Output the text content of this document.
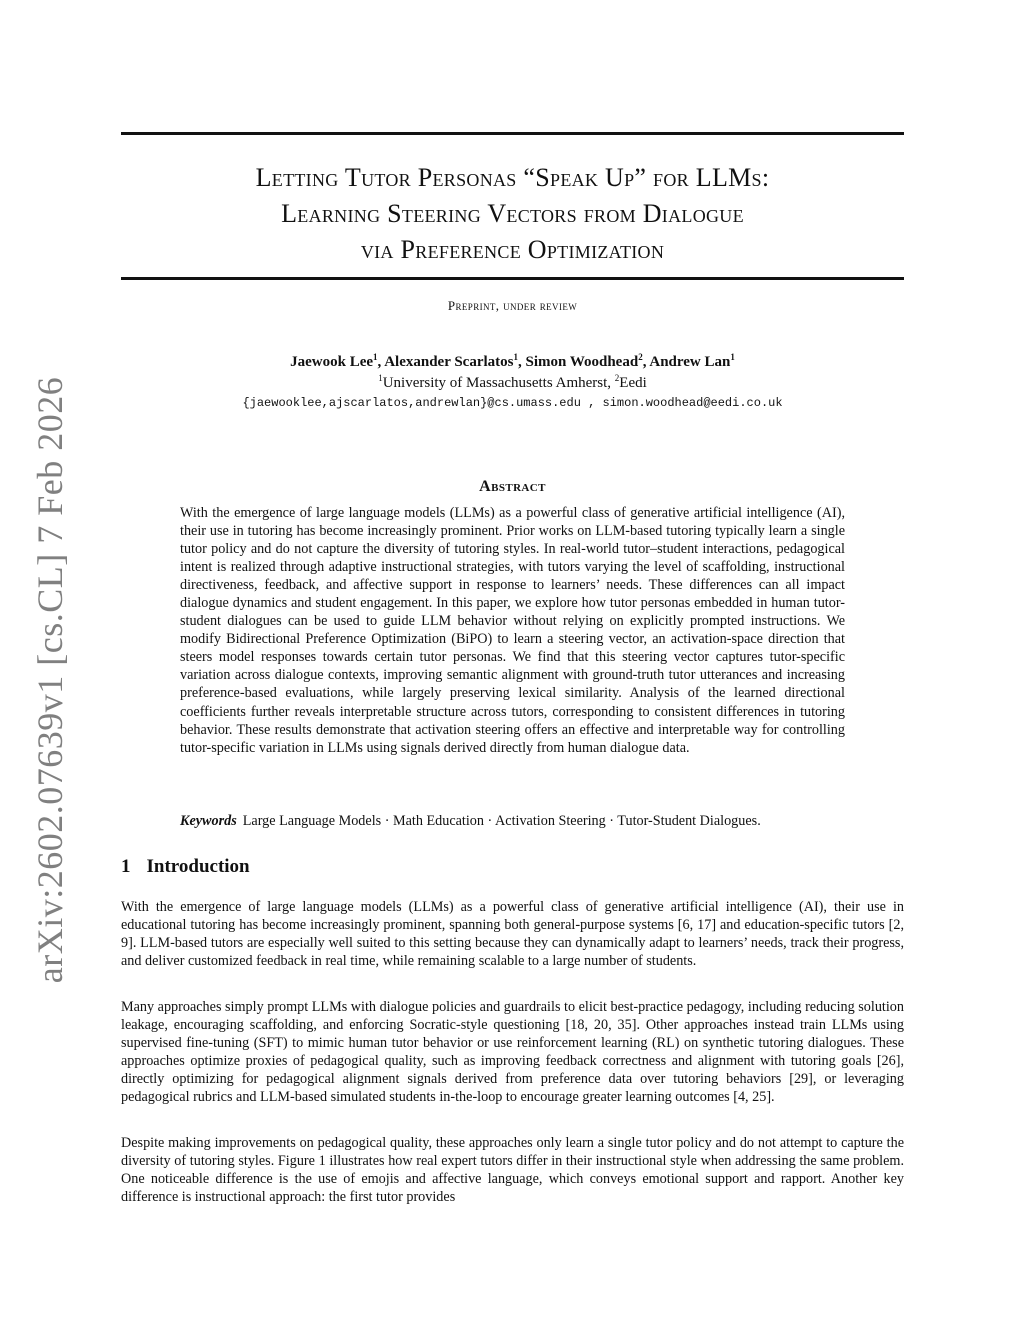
arXiv:2602.07639v1 [cs.CL] 7 Feb 2026
Letting Tutor Personas “Speak Up” for LLMs:
Learning Steering Vectors from Dialogue
via Preference Optimization
Preprint, under review
Jaewook Lee$^1$, Alexander Scarlatos$^1$, Simon Woodhead$^2$, Andrew Lan$^1$
$^1$University of Massachusetts Amherst, $^2$Eedi
{jaewooklee,ajscarlatos,andrewlan}@cs.umass.edu , simon.woodhead@eedi.co.uk
Abstract
With the emergence of large language models (LLMs) as a powerful class of generative artificial intelligence (AI), their use in tutoring has become increasingly prominent. Prior works on LLM-based tutoring typically learn a single tutor policy and do not capture the diversity of tutoring styles. In real-world tutor–student interactions, pedagogical intent is realized through adaptive instructional strategies, with tutors varying the level of scaffolding, instructional directiveness, feedback, and affective support in response to learners’ needs. These differences can all impact dialogue dynamics and student engagement. In this paper, we explore how tutor personas embedded in human tutor-student dialogues can be used to guide LLM behavior without relying on explicitly prompted instructions. We modify Bidirectional Preference Optimization (BiPO) to learn a steering vector, an activation-space direction that steers model responses towards certain tutor personas. We find that this steering vector captures tutor-specific variation across dialogue contexts, improving semantic alignment with ground-truth tutor utterances and increasing preference-based evaluations, while largely preserving lexical similarity. Analysis of the learned directional coefficients further reveals interpretable structure across tutors, corresponding to consistent differences in tutoring behavior. These results demonstrate that activation steering offers an effective and interpretable way for controlling tutor-specific variation in LLMs using signals derived directly from human dialogue data.
Keywords Large Language Models · Math Education · Activation Steering · Tutor-Student Dialogues.
1 Introduction
With the emergence of large language models (LLMs) as a powerful class of generative artificial intelligence (AI), their use in educational tutoring has become increasingly prominent, spanning both general-purpose systems [6, 17] and education-specific tutors [2, 9]. LLM-based tutors are especially well suited to this setting because they can dynamically adapt to learners’ needs, track their progress, and deliver customized feedback in real time, while remaining scalable to a large number of students.
Many approaches simply prompt LLMs with dialogue policies and guardrails to elicit best-practice pedagogy, including reducing solution leakage, encouraging scaffolding, and enforcing Socratic-style questioning [18, 20, 35]. Other approaches instead train LLMs using supervised fine-tuning (SFT) to mimic human tutor behavior or use reinforcement learning (RL) on synthetic tutoring dialogues. These approaches optimize proxies of pedagogical quality, such as improving feedback correctness and alignment with tutoring goals [26], directly optimizing for pedagogical alignment signals derived from preference data over tutoring behaviors [29], or leveraging pedagogical rubrics and LLM-based simulated students in-the-loop to encourage greater learning outcomes [4, 25].
Despite making improvements on pedagogical quality, these approaches only learn a single tutor policy and do not attempt to capture the diversity of tutoring styles. Figure 1 illustrates how real expert tutors differ in their instructional style when addressing the same problem. One noticeable difference is the use of emojis and affective language, which conveys emotional support and rapport. Another key difference is instructional approach: the first tutor provides
